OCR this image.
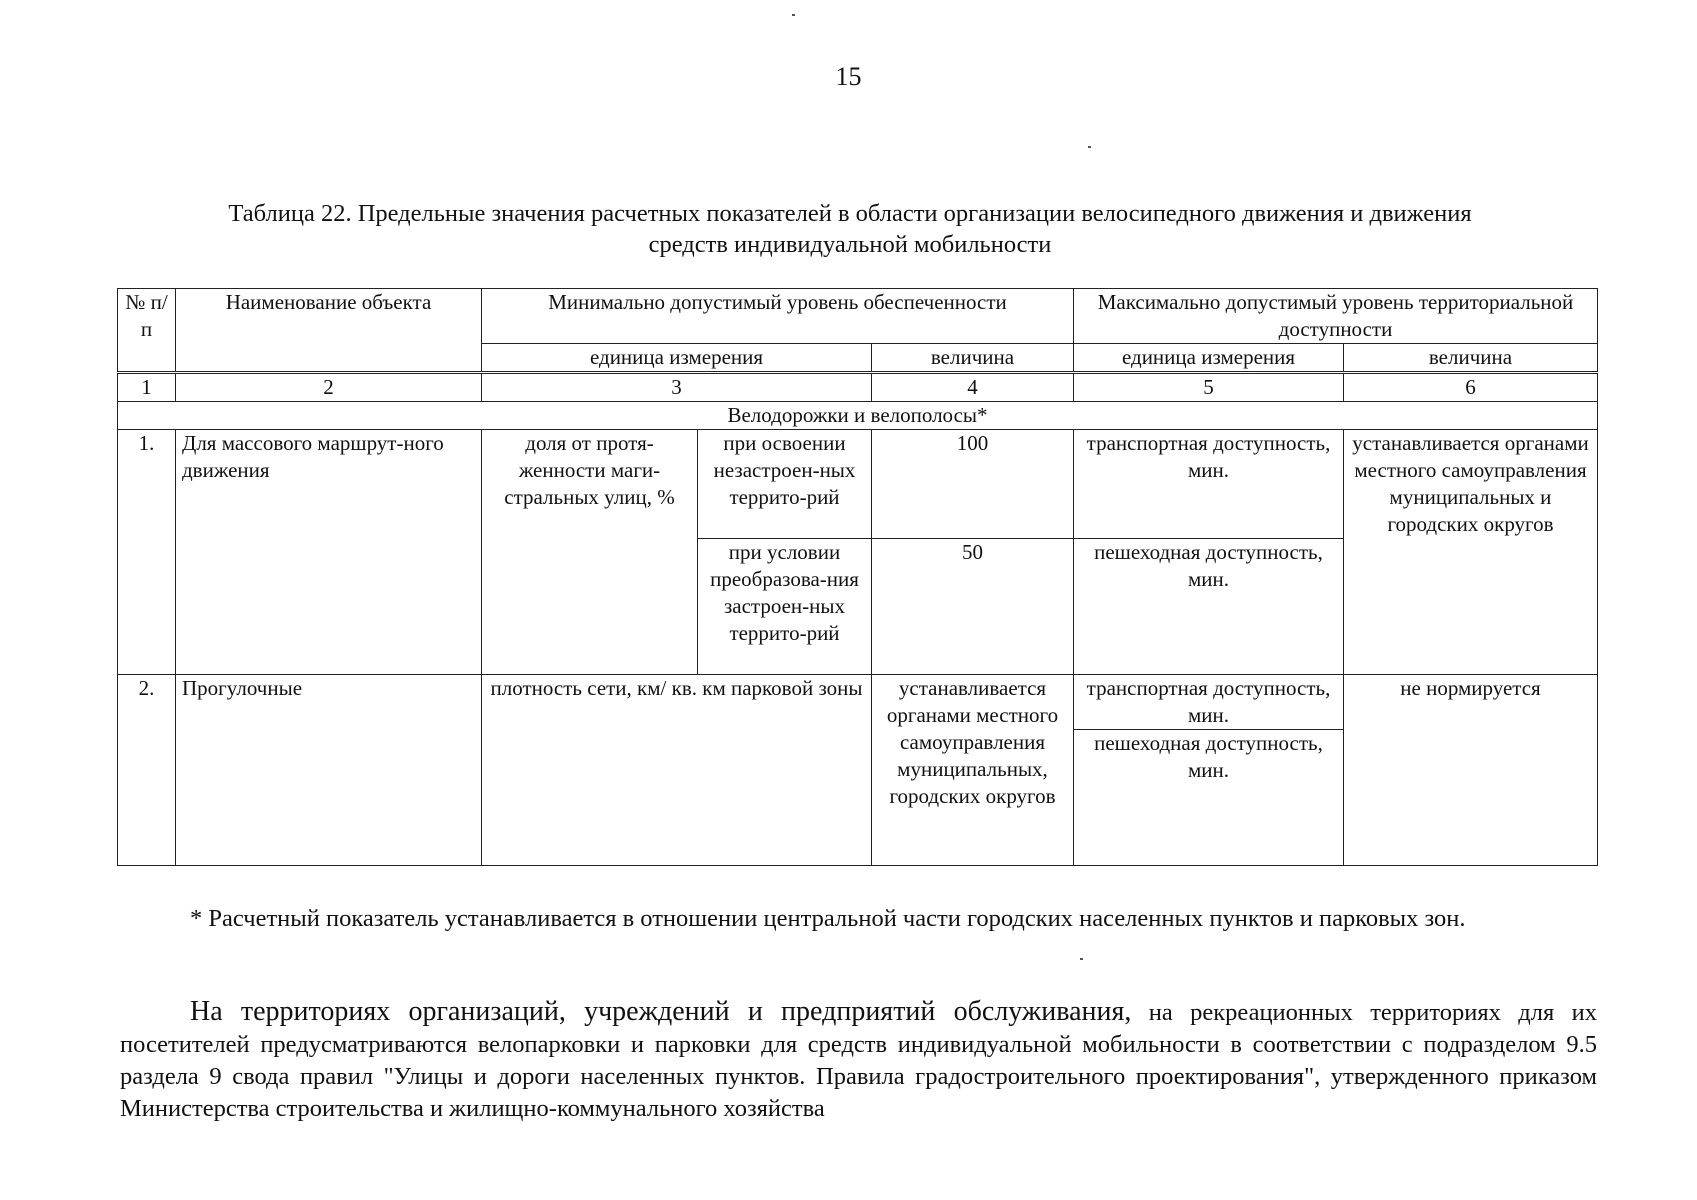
15
Таблица 22. Предельные значения расчетных показателей в области организации велосипедного движения и движения
средств индивидуальной мобильности
№ п/п	Наименование объекта	Минимально допустимый уровень обеспеченности			Максимально допустимый уровень территориальной доступности	
		единица измерения		величина	единица измерения	величина
1	2	3		4	5	6
Велодорожки и велополосы*						
1.	Для массового маршрут-ного движения	доля от протя-женности маги-стральных улиц, %	при освоении незастроен-ных террито-рий	100	транспортная доступность, мин.	устанавливается органами местного самоуправления муниципальных и городских округов
			при условии преобразова-ния застроен-ных террито-рий	50	пешеходная доступность, мин.	
2.	Прогулочные	плотность сети, км/ кв. км парковой зоны		устанавливается органами местного самоуправления муниципальных, городских округов	транспортная доступность, мин.	не нормируется
					пешеходная доступность, мин.	
* Расчетный показатель устанавливается в отношении центральной части городских населенных пунктов и парковых зон.
На территориях организаций, учреждений и предприятий обслуживания, на рекреационных территориях для их посетителей предусматриваются велопарковки и парковки для средств индивидуальной мобильности в соответствии с подразделом 9.5 раздела 9 свода правил "Улицы и дороги населенных пунктов. Правила градостроительного проектирования", утвержденного приказом Министерства строительства и жилищно-коммунального хозяйства
